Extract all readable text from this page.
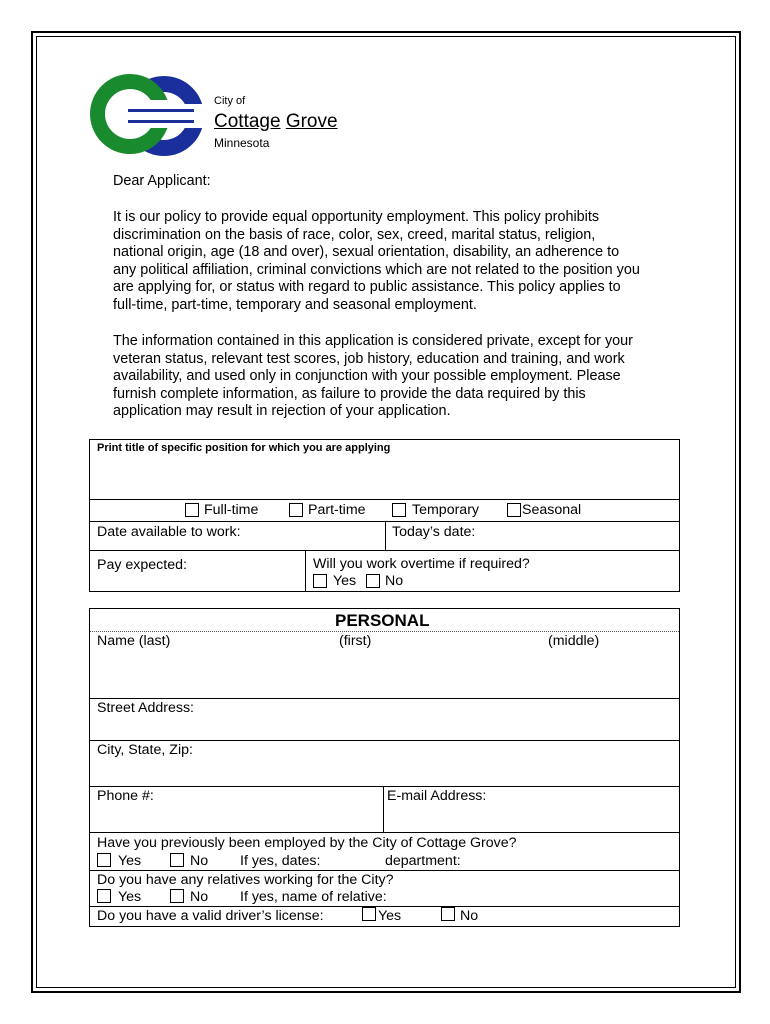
City of
Cottage Grove
Minnesota

Dear Applicant:

It is our policy to provide equal opportunity employment. This policy prohibits discrimination on the basis of race, color, sex, creed, marital status, religion, national origin, age (18 and over), sexual orientation, disability, an adherence to any political affiliation, criminal convictions which are not related to the position you are applying for, or status with regard to public assistance. This policy applies to full-time, part-time, temporary and seasonal employment.

The information contained in this application is considered private, except for your veteran status, relevant test scores, job history, education and training, and work availability, and used only in conjunction with your possible employment. Please furnish complete information, as failure to provide the data required by this application may result in rejection of your application.

Print title of specific position for which you are applying
Full-time	Part-time	Temporary	Seasonal
Date available to work:	Today’s date:
Pay expected:	Will you work overtime if required?
Yes No
PERSONAL
Name (last)	(first)	(middle)
Street Address:
City, State, Zip:
Phone #:	E-mail Address:
Have you previously been employed by the City of Cottage Grove?
Yes	No If yes, dates:	department:
Do you have any relatives working for the City?
Yes	No If yes, name of relative:
Do you have a valid driver’s license:	Yes	No
